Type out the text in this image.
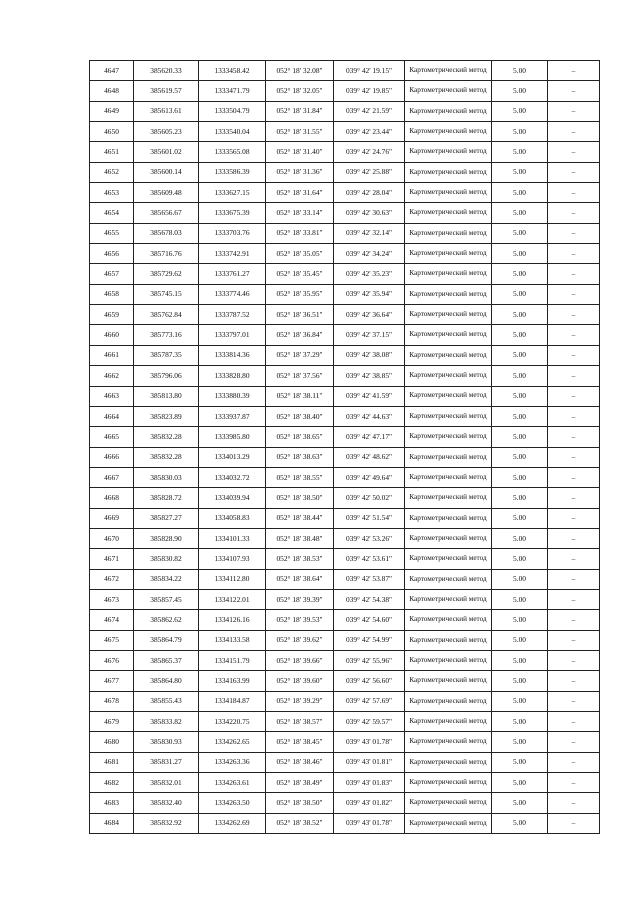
4647	385620.33	1333458.42	052° 18' 32.08"	039° 42' 19.15"	Картометрический метод	5.00	–
4648	385619.57	1333471.79	052° 18' 32.05"	039° 42' 19.85"	Картометрический метод	5.00	–
4649	385613.61	1333504.79	052° 18' 31.84"	039° 42' 21.59"	Картометрический метод	5.00	–
4650	385605.23	1333540.04	052° 18' 31.55"	039° 42' 23.44"	Картометрический метод	5.00	–
4651	385601.02	1333565.08	052° 18' 31.40"	039° 42' 24.76"	Картометрический метод	5.00	–
4652	385600.14	1333586.39	052° 18' 31.36"	039° 42' 25.88"	Картометрический метод	5.00	–
4653	385609.48	1333627.15	052° 18' 31.64"	039° 42' 28.04"	Картометрический метод	5.00	–
4654	385656.67	1333675.39	052° 18' 33.14"	039° 42' 30.63"	Картометрический метод	5.00	–
4655	385678.03	1333703.76	052° 18' 33.81"	039° 42' 32.14"	Картометрический метод	5.00	–
4656	385716.76	1333742.91	052° 18' 35.05"	039° 42' 34.24"	Картометрический метод	5.00	–
4657	385729.62	1333761.27	052° 18' 35.45"	039° 42' 35.23"	Картометрический метод	5.00	–
4658	385745.15	1333774.46	052° 18' 35.95"	039° 42' 35.94"	Картометрический метод	5.00	–
4659	385762.84	1333787.52	052° 18' 36.51"	039° 42' 36.64"	Картометрический метод	5.00	–
4660	385773.16	1333797.01	052° 18' 36.84"	039° 42' 37.15"	Картометрический метод	5.00	–
4661	385787.35	1333814.36	052° 18' 37.29"	039° 42' 38.08"	Картометрический метод	5.00	–
4662	385796.06	1333828.80	052° 18' 37.56"	039° 42' 38.85"	Картометрический метод	5.00	–
4663	385813.80	1333880.39	052° 18' 38.11"	039° 42' 41.59"	Картометрический метод	5.00	–
4664	385823.89	1333937.87	052° 18' 38.40"	039° 42' 44.63"	Картометрический метод	5.00	–
4665	385832.28	1333985.80	052° 18' 38.65"	039° 42' 47.17"	Картометрический метод	5.00	–
4666	385832.28	1334013.29	052° 18' 38.63"	039° 42' 48.62"	Картометрический метод	5.00	–
4667	385830.03	1334032.72	052° 18' 38.55"	039° 42' 49.64"	Картометрический метод	5.00	–
4668	385828.72	1334039.94	052° 18' 38.50"	039° 42' 50.02"	Картометрический метод	5.00	–
4669	385827.27	1334058.83	052° 18' 38.44"	039° 42' 51.54"	Картометрический метод	5.00	–
4670	385828.90	1334101.33	052° 18' 38.48"	039° 42' 53.26"	Картометрический метод	5.00	–
4671	385830.82	1334107.93	052° 18' 38.53"	039° 42' 53.61"	Картометрический метод	5.00	–
4672	385834.22	1334112.80	052° 18' 38.64"	039° 42' 53.87"	Картометрический метод	5.00	–
4673	385857.45	1334122.01	052° 18' 39.39"	039° 42' 54.38"	Картометрический метод	5.00	–
4674	385862.62	1334126.16	052° 18' 39.53"	039° 42' 54.60"	Картометрический метод	5.00	–
4675	385864.79	1334133.58	052° 18' 39.62"	039° 42' 54.99"	Картометрический метод	5.00	–
4676	385865.37	1334151.79	052° 18' 39.66"	039° 42' 55.96"	Картометрический метод	5.00	–
4677	385864.80	1334163.99	052° 18' 39.60"	039° 42' 56.60"	Картометрический метод	5.00	–
4678	385855.43	1334184.87	052° 18' 39.29"	039° 42' 57.69"	Картометрический метод	5.00	–
4679	385833.82	1334220.75	052° 18' 38.57"	039° 42' 59.57"	Картометрический метод	5.00	–
4680	385830.93	1334262.65	052° 18' 38.45"	039° 43' 01.78"	Картометрический метод	5.00	–
4681	385831.27	1334263.36	052° 18' 38.46"	039° 43' 01.81"	Картометрический метод	5.00	–
4682	385832.01	1334263.61	052° 18' 38.49"	039° 43' 01.83"	Картометрический метод	5.00	–
4683	385832.40	1334263.50	052° 18' 38.50"	039° 43' 01.82"	Картометрический метод	5.00	–
4684	385832.92	1334262.69	052° 18' 38.52"	039° 43' 01.78"	Картометрический метод	5.00	–
